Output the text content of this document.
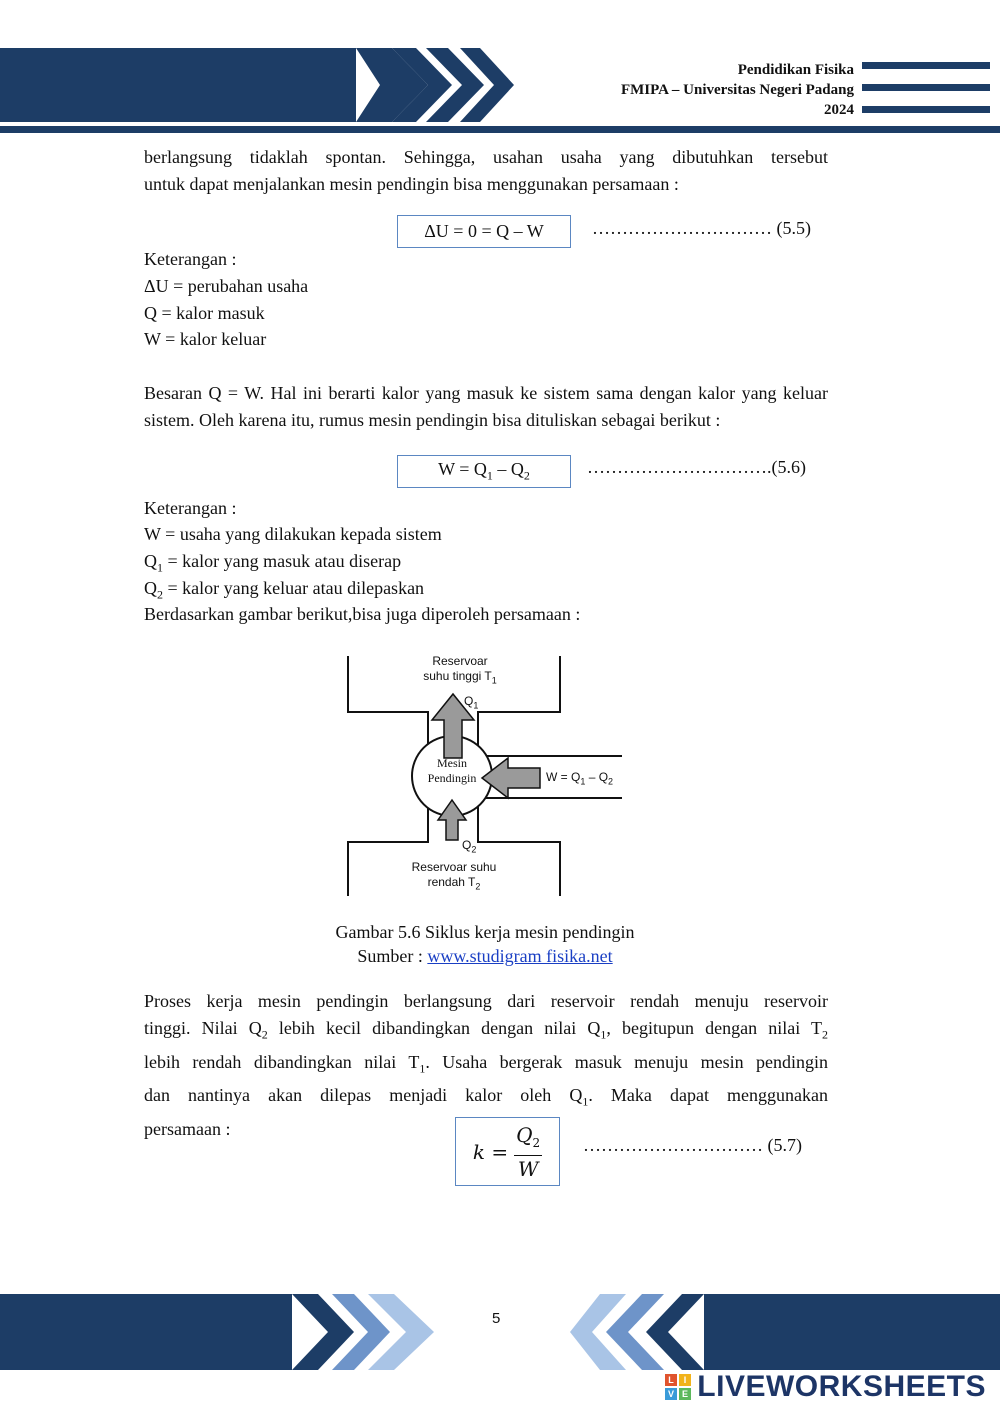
Pendidikan Fisika
FMIPA – Universitas Negeri Padang
2024
berlangsung tidaklah spontan. Sehingga, usahan usaha yang dibutuhkan tersebut
untuk dapat menjalankan mesin pendingin bisa menggunakan persamaan :
ΔU = 0 = Q – W	………………………… (5.5)
Keterangan :
ΔU = perubahan usaha
Q = kalor masuk
W = kalor keluar
Besaran Q = W. Hal ini berarti kalor yang masuk ke sistem sama dengan kalor yang keluar sistem. Oleh karena itu, rumus mesin pendingin bisa dituliskan sebagai berikut :
$W = Q_1 - Q_2$	………………………….(5.6)
Keterangan :
W = usaha yang dilakukan kepada sistem
$Q_1$ = kalor yang masuk atau diserap
$Q_2$ = kalor yang keluar atau dilepaskan
Berdasarkan gambar berikut,bisa juga diperoleh persamaan :
Reservoar
suhu tinggi $T_1$
$Q_1$
Mesin
Pendingin	$W = Q_1 - Q_2$
$Q_2$
Reservoar suhu
rendah $T_2$
Gambar 5.6 Siklus kerja mesin pendingin
Sumber : www.studigram fisika.net
Proses kerja mesin pendingin berlangsung dari reservoir rendah menuju reservoir
tinggi. Nilai $Q_2$ lebih kecil dibandingkan dengan nilai $Q_1$, begitupun dengan nilai $T_2$
lebih rendah dibandingkan nilai $T_1$. Usaha bergerak masuk menuju mesin pendingin
dan nantinya akan dilepas menjadi kalor oleh $Q_1$. Maka dapat menggunakan
persamaan :
$k = \frac{Q_2}{W}$ ………………………… (5.7)
5
L	I
V E LIVEWORKSHEETS
